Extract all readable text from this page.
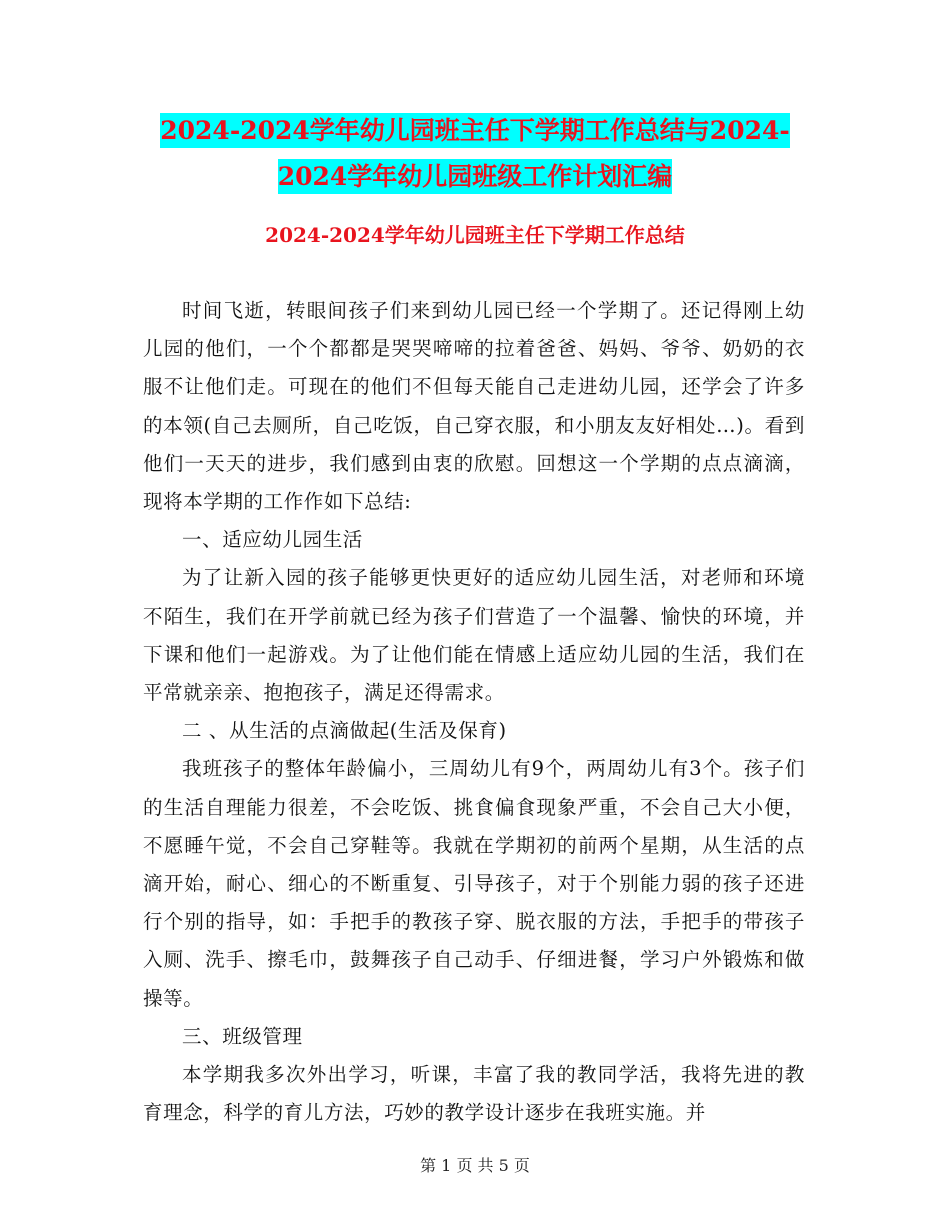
2024-2024学年幼儿园班主任下学期工作总结与2024-2024学年幼儿园班级工作计划汇编
2024-2024学年幼儿园班主任下学期工作总结

时间飞逝，转眼间孩子们来到幼儿园已经一个学期了。还记得刚上幼儿园的他们，一个个都都是哭哭啼啼的拉着爸爸、妈妈、爷爷、奶奶的衣服不让他们走。可现在的他们不但每天能自己走进幼儿园，还学会了许多的本领(自己去厕所，自己吃饭，自己穿衣服，和小朋友友好相处…)。看到他们一天天的进步，我们感到由衷的欣慰。回想这一个学期的点点滴滴，现将本学期的工作作如下总结:

一、适应幼儿园生活

为了让新入园的孩子能够更快更好的适应幼儿园生活，对老师和环境不陌生，我们在开学前就已经为孩子们营造了一个温馨、愉快的环境，并下课和他们一起游戏。为了让他们能在情感上适应幼儿园的生活，我们在平常就亲亲、抱抱孩子，满足还得需求。

二 、从生活的点滴做起(生活及保育)

我班孩子的整体年龄偏小，三周幼儿有9个，两周幼儿有3个。孩子们的生活自理能力很差，不会吃饭、挑食偏食现象严重，不会自己大小便，不愿睡午觉，不会自己穿鞋等。我就在学期初的前两个星期，从生活的点滴开始，耐心、细心的不断重复、引导孩子，对于个别能力弱的孩子还进行个别的指导，如：手把手的教孩子穿、脱衣服的方法，手把手的带孩子入厕、洗手、擦毛巾，鼓舞孩子自己动手、仔细进餐，学习户外锻炼和做操等。

三、班级管理

本学期我多次外出学习，听课，丰富了我的教同学活，我将先进的教育理念，科学的育儿方法，巧妙的教学设计逐步在我班实施。并

第 1 页 共 5 页
